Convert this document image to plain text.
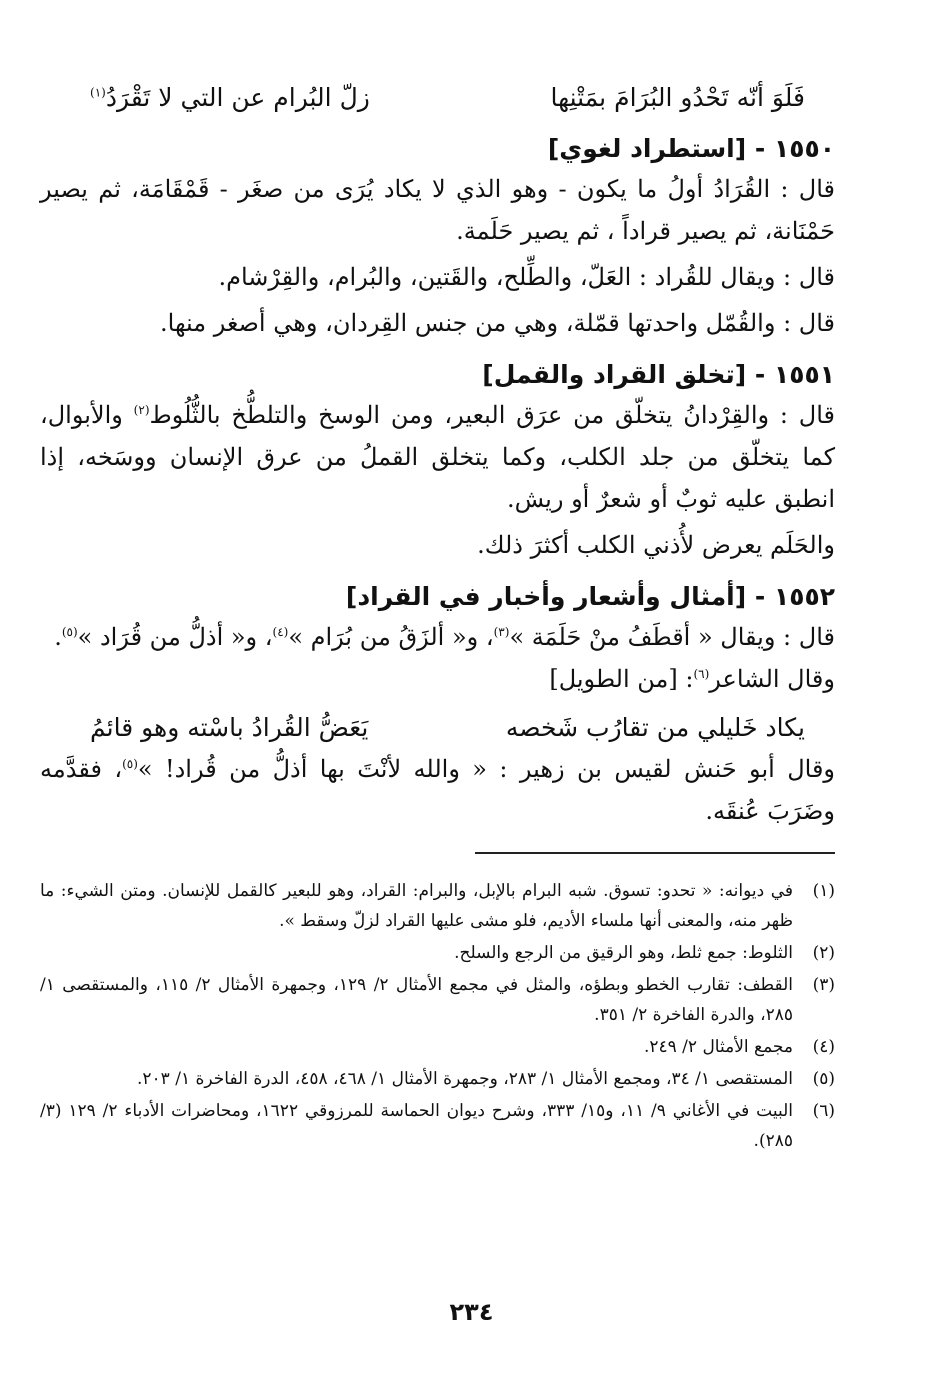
فَلَوَ أنّه تَحْدُو البُرَامَ بمَتْنِها
زلّ البُرام عن التي لا تَقْرَدُ$^{(١)}$
١٥٥٠ - [استطراد لغوي]

قال : القُرَادُ أولُ ما يكون - وهو الذي لا يكاد يُرَى من صغَر - قَمْقَامَة، ثم يصير حَمْنَانة، ثم يصير قراداً ، ثم يصير حَلَمة.

قال : ويقال للقُراد : العَلّ، والطِّلح، والقَتين، والبُرام، والقِرْشام.

قال : والقُمّل واحدتها قمّلة، وهي من جنس القِردان، وهي أصغر منها.

١٥٥١ - [تخلق القراد والقمل]

قال : والقِرْدانُ يتخلّق من عرَق البعير، ومن الوسخ والتلطُّخ بالثُّلُوط$^{(٢)}$ والأبوال، كما يتخلّق من جلد الكلب، وكما يتخلق القملُ من عرق الإنسان ووسَخه، إذا انطبق عليه ثوبٌ أو شعرٌ أو ريش.

والحَلَم يعرض لأُذني الكلب أكثرَ ذلك.

١٥٥٢ - [أمثال وأشعار وأخبار في القراد]

قال : ويقال « أقطَفُ منْ حَلَمَة »$^{(٣)}$، و« ألزَقُ من بُرَام »$^{(٤)}$، و« أذلُّ من قُرَاد »$^{(٥)}$.

وقال الشاعر$^{(٦)}$: [من الطويل]

يكاد خَليلي من تقارُب شَخصه
يَعَضُّ القُرادُ باسْته وهو قائمُ

وقال أبو حَنش لقيس بن زهير : « والله لأنْتَ بها أذلُّ من قُراد! »$^{(٥)}$، فقدَّمه وضَرَبَ عُنقَه.

(١)
في ديوانه: « تحدو: تسوق. شبه البرام بالإبل، والبرام: القراد، وهو للبعير كالقمل للإنسان. ومتن الشيء: ما ظهر منه، والمعنى أنها ملساء الأديم، فلو مشى عليها القراد لزلّ وسقط ».
(٢)
الثلوط: جمع ثلط، وهو الرقيق من الرجع والسلح.
(٣)
القطف: تقارب الخطو وبطؤه، والمثل في مجمع الأمثال ٢/ ١٢٩، وجمهرة الأمثال ٢/ ١١٥، والمستقصى ١/ ٢٨٥، والدرة الفاخرة ٢/ ٣٥١.
(٤)
مجمع الأمثال ٢/ ٢٤٩.
(٥)
المستقصى ١/ ٣٤، ومجمع الأمثال ١/ ٢٨٣، وجمهرة الأمثال ١/ ٤٦٨، ٤٥٨، الدرة الفاخرة ١/ ٢٠٣.
(٦)
البيت في الأغاني ٩/ ١١، و١٥/ ٣٣٣، وشرح ديوان الحماسة للمرزوقي ١٦٢٢، ومحاضرات الأدباء ٢/ ١٢٩ (٣/ ٢٨٥).
٢٣٤
